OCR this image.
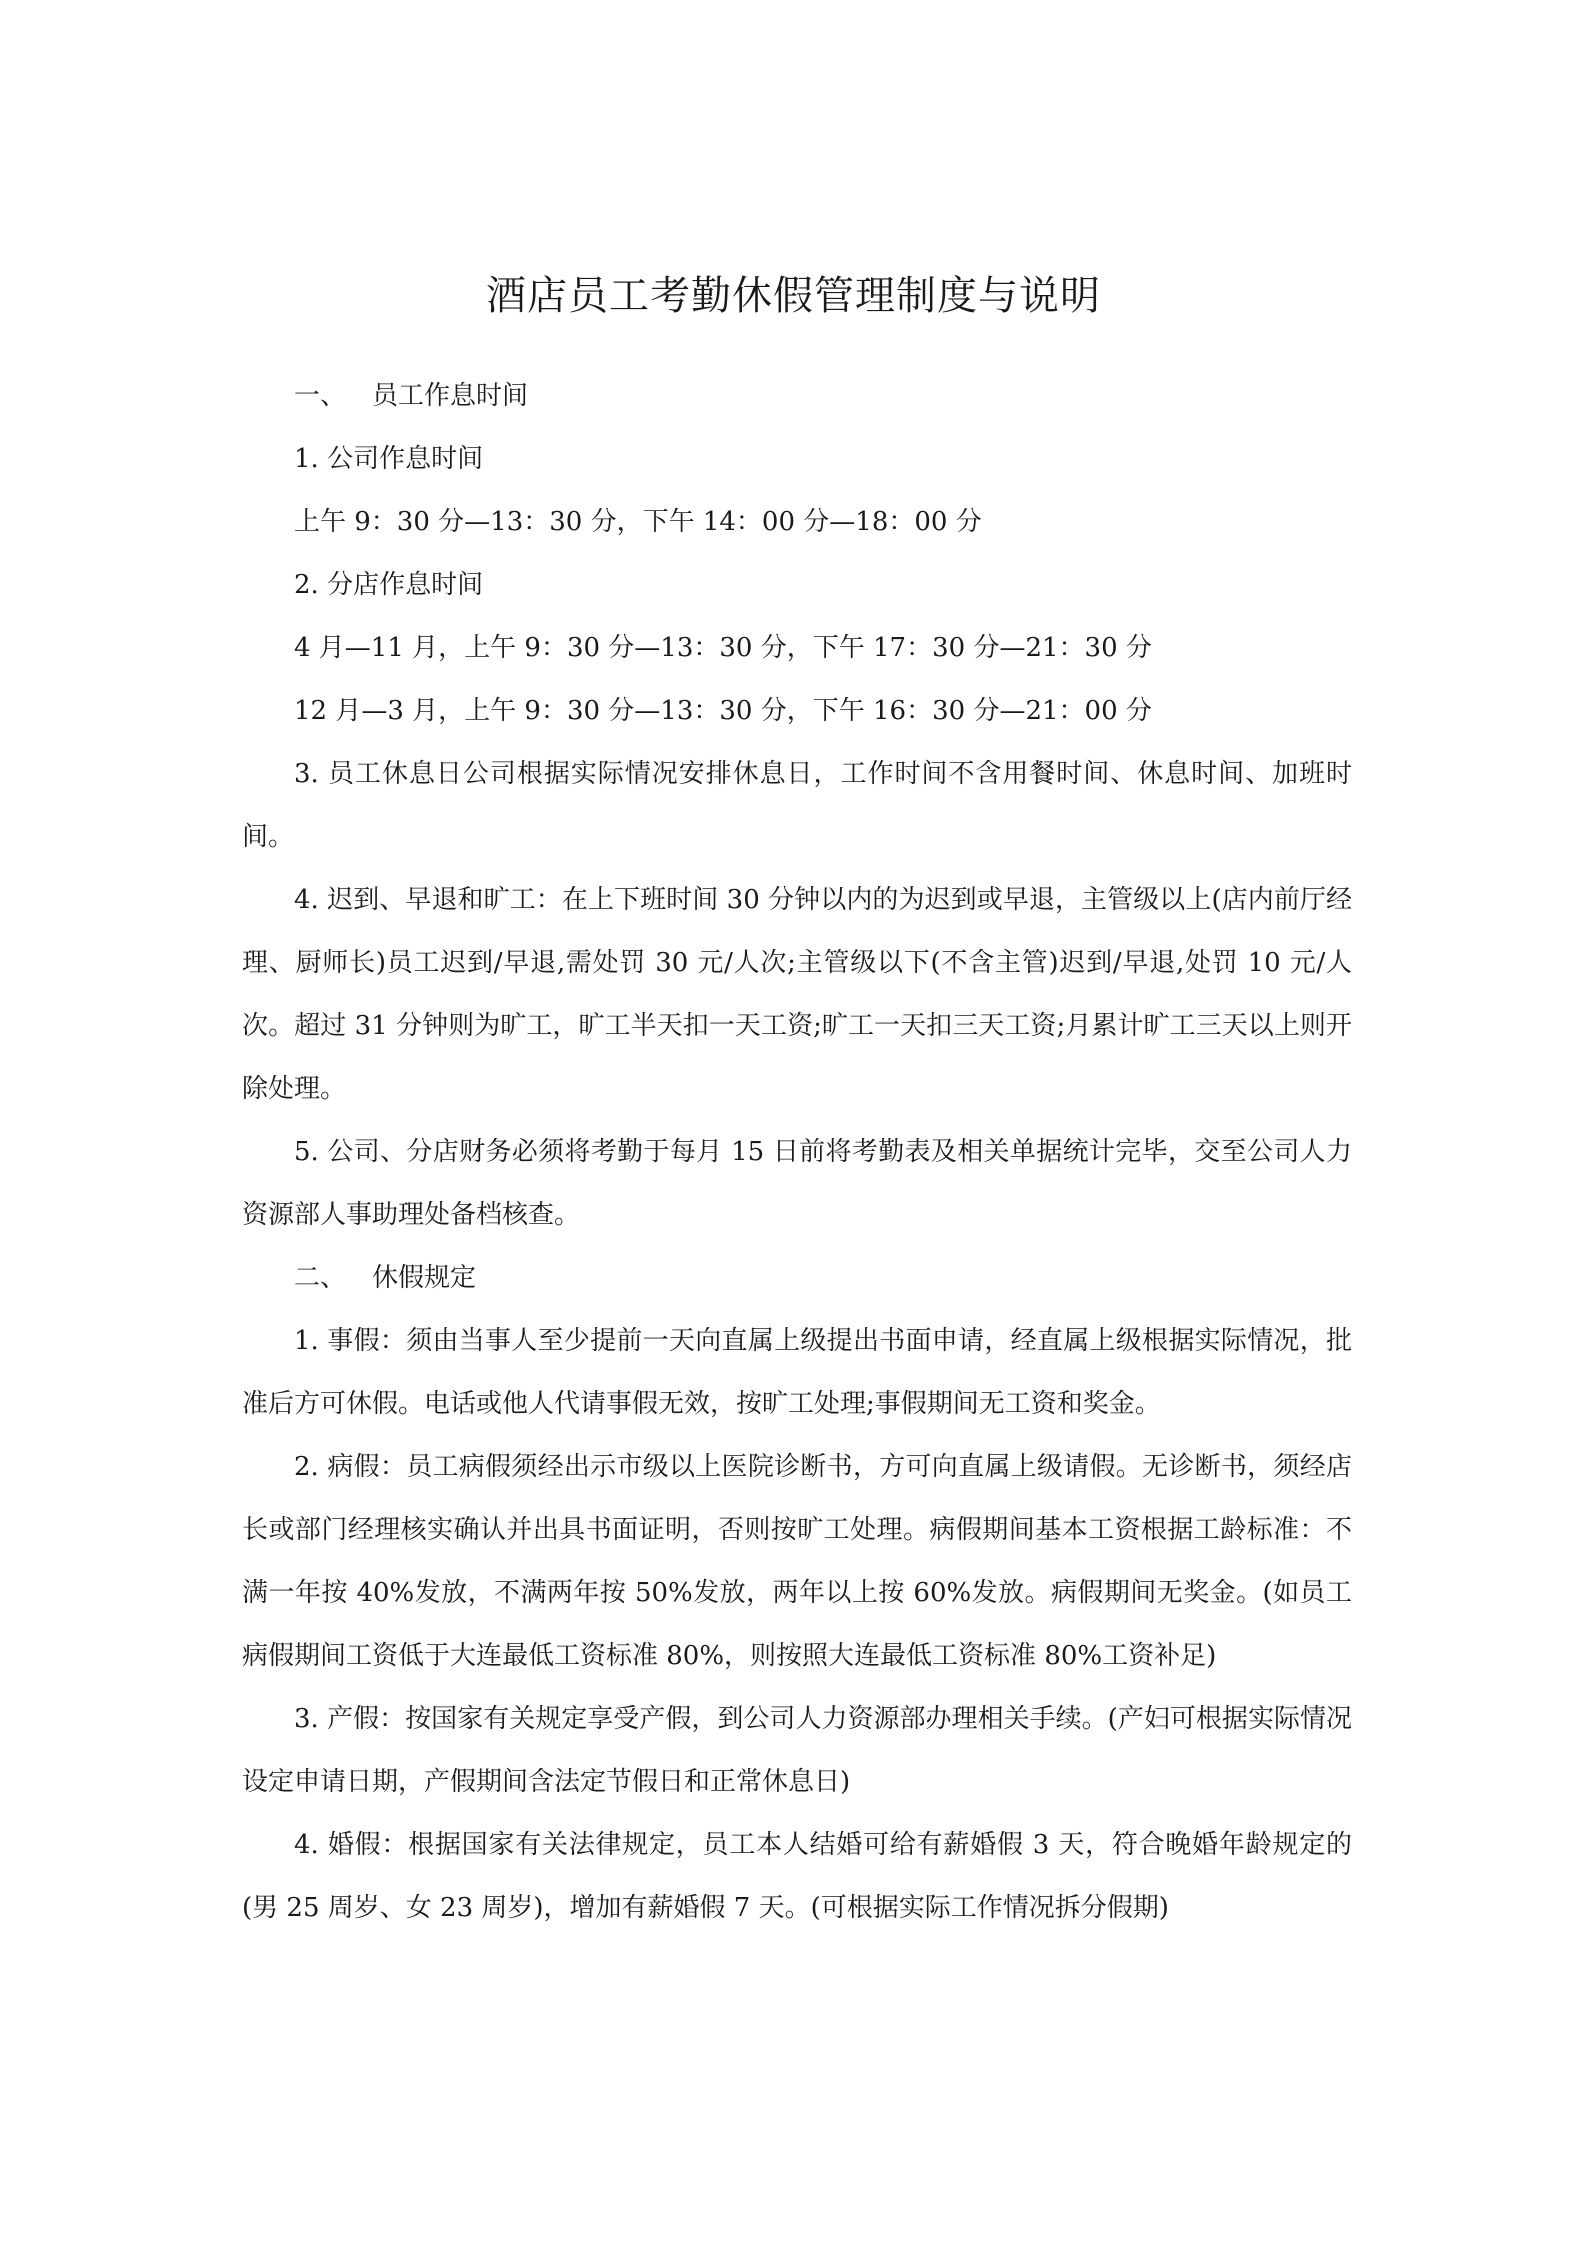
酒店员工考勤休假管理制度与说明

一、 员工作息时间

1. 公司作息时间

上午 9：30 分—13：30 分，下午 14：00 分—18：00 分

2. 分店作息时间

4 月—11 月，上午 9：30 分—13：30 分，下午 17：30 分—21：30 分

12 月—3 月，上午 9：30 分—13：30 分，下午 16：30 分—21：00 分

3. 员工休息日公司根据实际情况安排休息日，工作时间不含用餐时间、休息时间、加班时间。

4. 迟到、早退和旷工：在上下班时间 30 分钟以内的为迟到或早退，主管级以上(店内前厅经理、厨师长)员工迟到/早退,需处罚 30 元/人次;主管级以下(不含主管)迟到/早退,处罚 10 元/人次。超过 31 分钟则为旷工，旷工半天扣一天工资;旷工一天扣三天工资;月累计旷工三天以上则开除处理。

5. 公司、分店财务必须将考勤于每月 15 日前将考勤表及相关单据统计完毕，交至公司人力资源部人事助理处备档核查。

二、 休假规定

1. 事假：须由当事人至少提前一天向直属上级提出书面申请，经直属上级根据实际情况，批准后方可休假。电话或他人代请事假无效，按旷工处理;事假期间无工资和奖金。

2. 病假：员工病假须经出示市级以上医院诊断书，方可向直属上级请假。无诊断书，须经店长或部门经理核实确认并出具书面证明，否则按旷工处理。病假期间基本工资根据工龄标准：不满一年按 40%发放，不满两年按 50%发放，两年以上按 60%发放。病假期间无奖金。(如员工病假期间工资低于大连最低工资标准 80%，则按照大连最低工资标准 80%工资补足)

3. 产假：按国家有关规定享受产假，到公司人力资源部办理相关手续。(产妇可根据实际情况设定申请日期，产假期间含法定节假日和正常休息日)

4. 婚假：根据国家有关法律规定，员工本人结婚可给有薪婚假 3 天，符合晚婚年龄规定的(男 25 周岁、女 23 周岁)，增加有薪婚假 7 天。(可根据实际工作情况拆分假期)
